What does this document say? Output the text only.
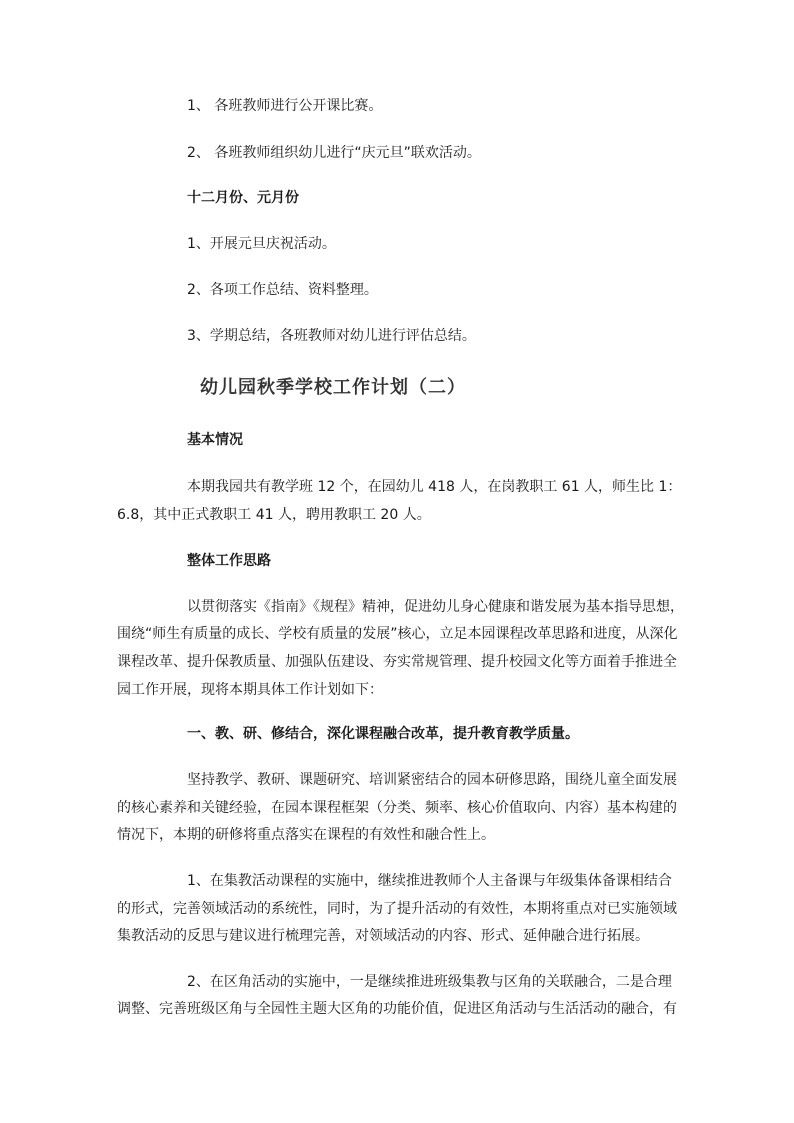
1、 各班教师进行公开课比赛。

2、 各班教师组织幼儿进行“庆元旦”联欢活动。

十二月份、元月份

1、开展元旦庆祝活动。

2、各项工作总结、资料整理。

3、学期总结，各班教师对幼儿进行评估总结。

幼儿园秋季学校工作计划（二）

基本情况

本期我园共有教学班 12 个，在园幼儿 418 人，在岗教职工 61 人，师生比 1：

6.8，其中正式教职工 41 人，聘用教职工 20 人。

整体工作思路

以贯彻落实《指南》《规程》精神，促进幼儿身心健康和谐发展为基本指导思想，

围绕“师生有质量的成长、学校有质量的发展”核心，立足本园课程改革思路和进度，从深化

课程改革、提升保教质量、加强队伍建设、夯实常规管理、提升校园文化等方面着手推进全

园工作开展，现将本期具体工作计划如下：

一、教、研、修结合，深化课程融合改革，提升教育教学质量。

坚持教学、教研、课题研究、培训紧密结合的园本研修思路，围绕儿童全面发展

的核心素养和关键经验，在园本课程框架（分类、频率、核心价值取向、内容）基本构建的

情况下，本期的研修将重点落实在课程的有效性和融合性上。

1、在集教活动课程的实施中，继续推进教师个人主备课与年级集体备课相结合

的形式，完善领域活动的系统性，同时，为了提升活动的有效性，本期将重点对已实施领域

集教活动的反思与建议进行梳理完善，对领域活动的内容、形式、延伸融合进行拓展。

2、在区角活动的实施中，一是继续推进班级集教与区角的关联融合，二是合理

调整、完善班级区角与全园性主题大区角的功能价值，促进区角活动与生活活动的融合，有
